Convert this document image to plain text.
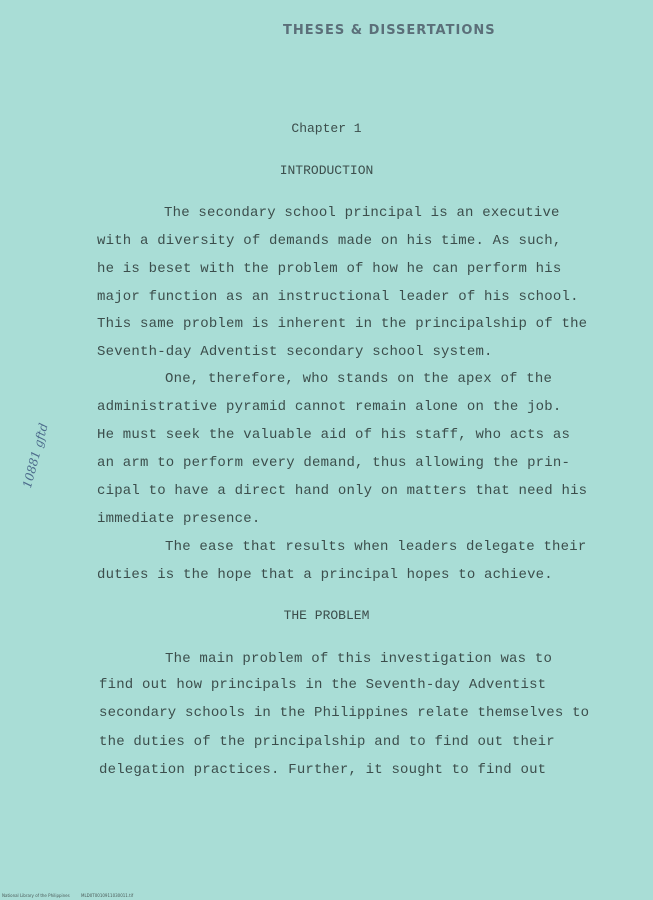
THESES & DISSERTATIONS
10881 gftd
Chapter 1
INTRODUCTION
The secondary school principal is an executive
with a diversity of demands made on his time. As such,
he is beset with the problem of how he can perform his
major function as an instructional leader of his school.
This same problem is inherent in the principalship of the
Seventh-day Adventist secondary school system.
One, therefore, who stands on the apex of the
administrative pyramid cannot remain alone on the job.
He must seek the valuable aid of his staff, who acts as
an arm to perform every demand, thus allowing the prin-
cipal to have a direct hand only on matters that need his
immediate presence.
The ease that results when leaders delegate their
duties is the hope that a principal hopes to achieve.
THE PROBLEM
The main problem of this investigation was to
find out how principals in the Seventh-day Adventist
secondary schools in the Philippines relate themselves to
the duties of the principalship and to find out their
delegation practices. Further, it sought to find out
National Library of the Philippines	MLD0T0010911030011.tif
